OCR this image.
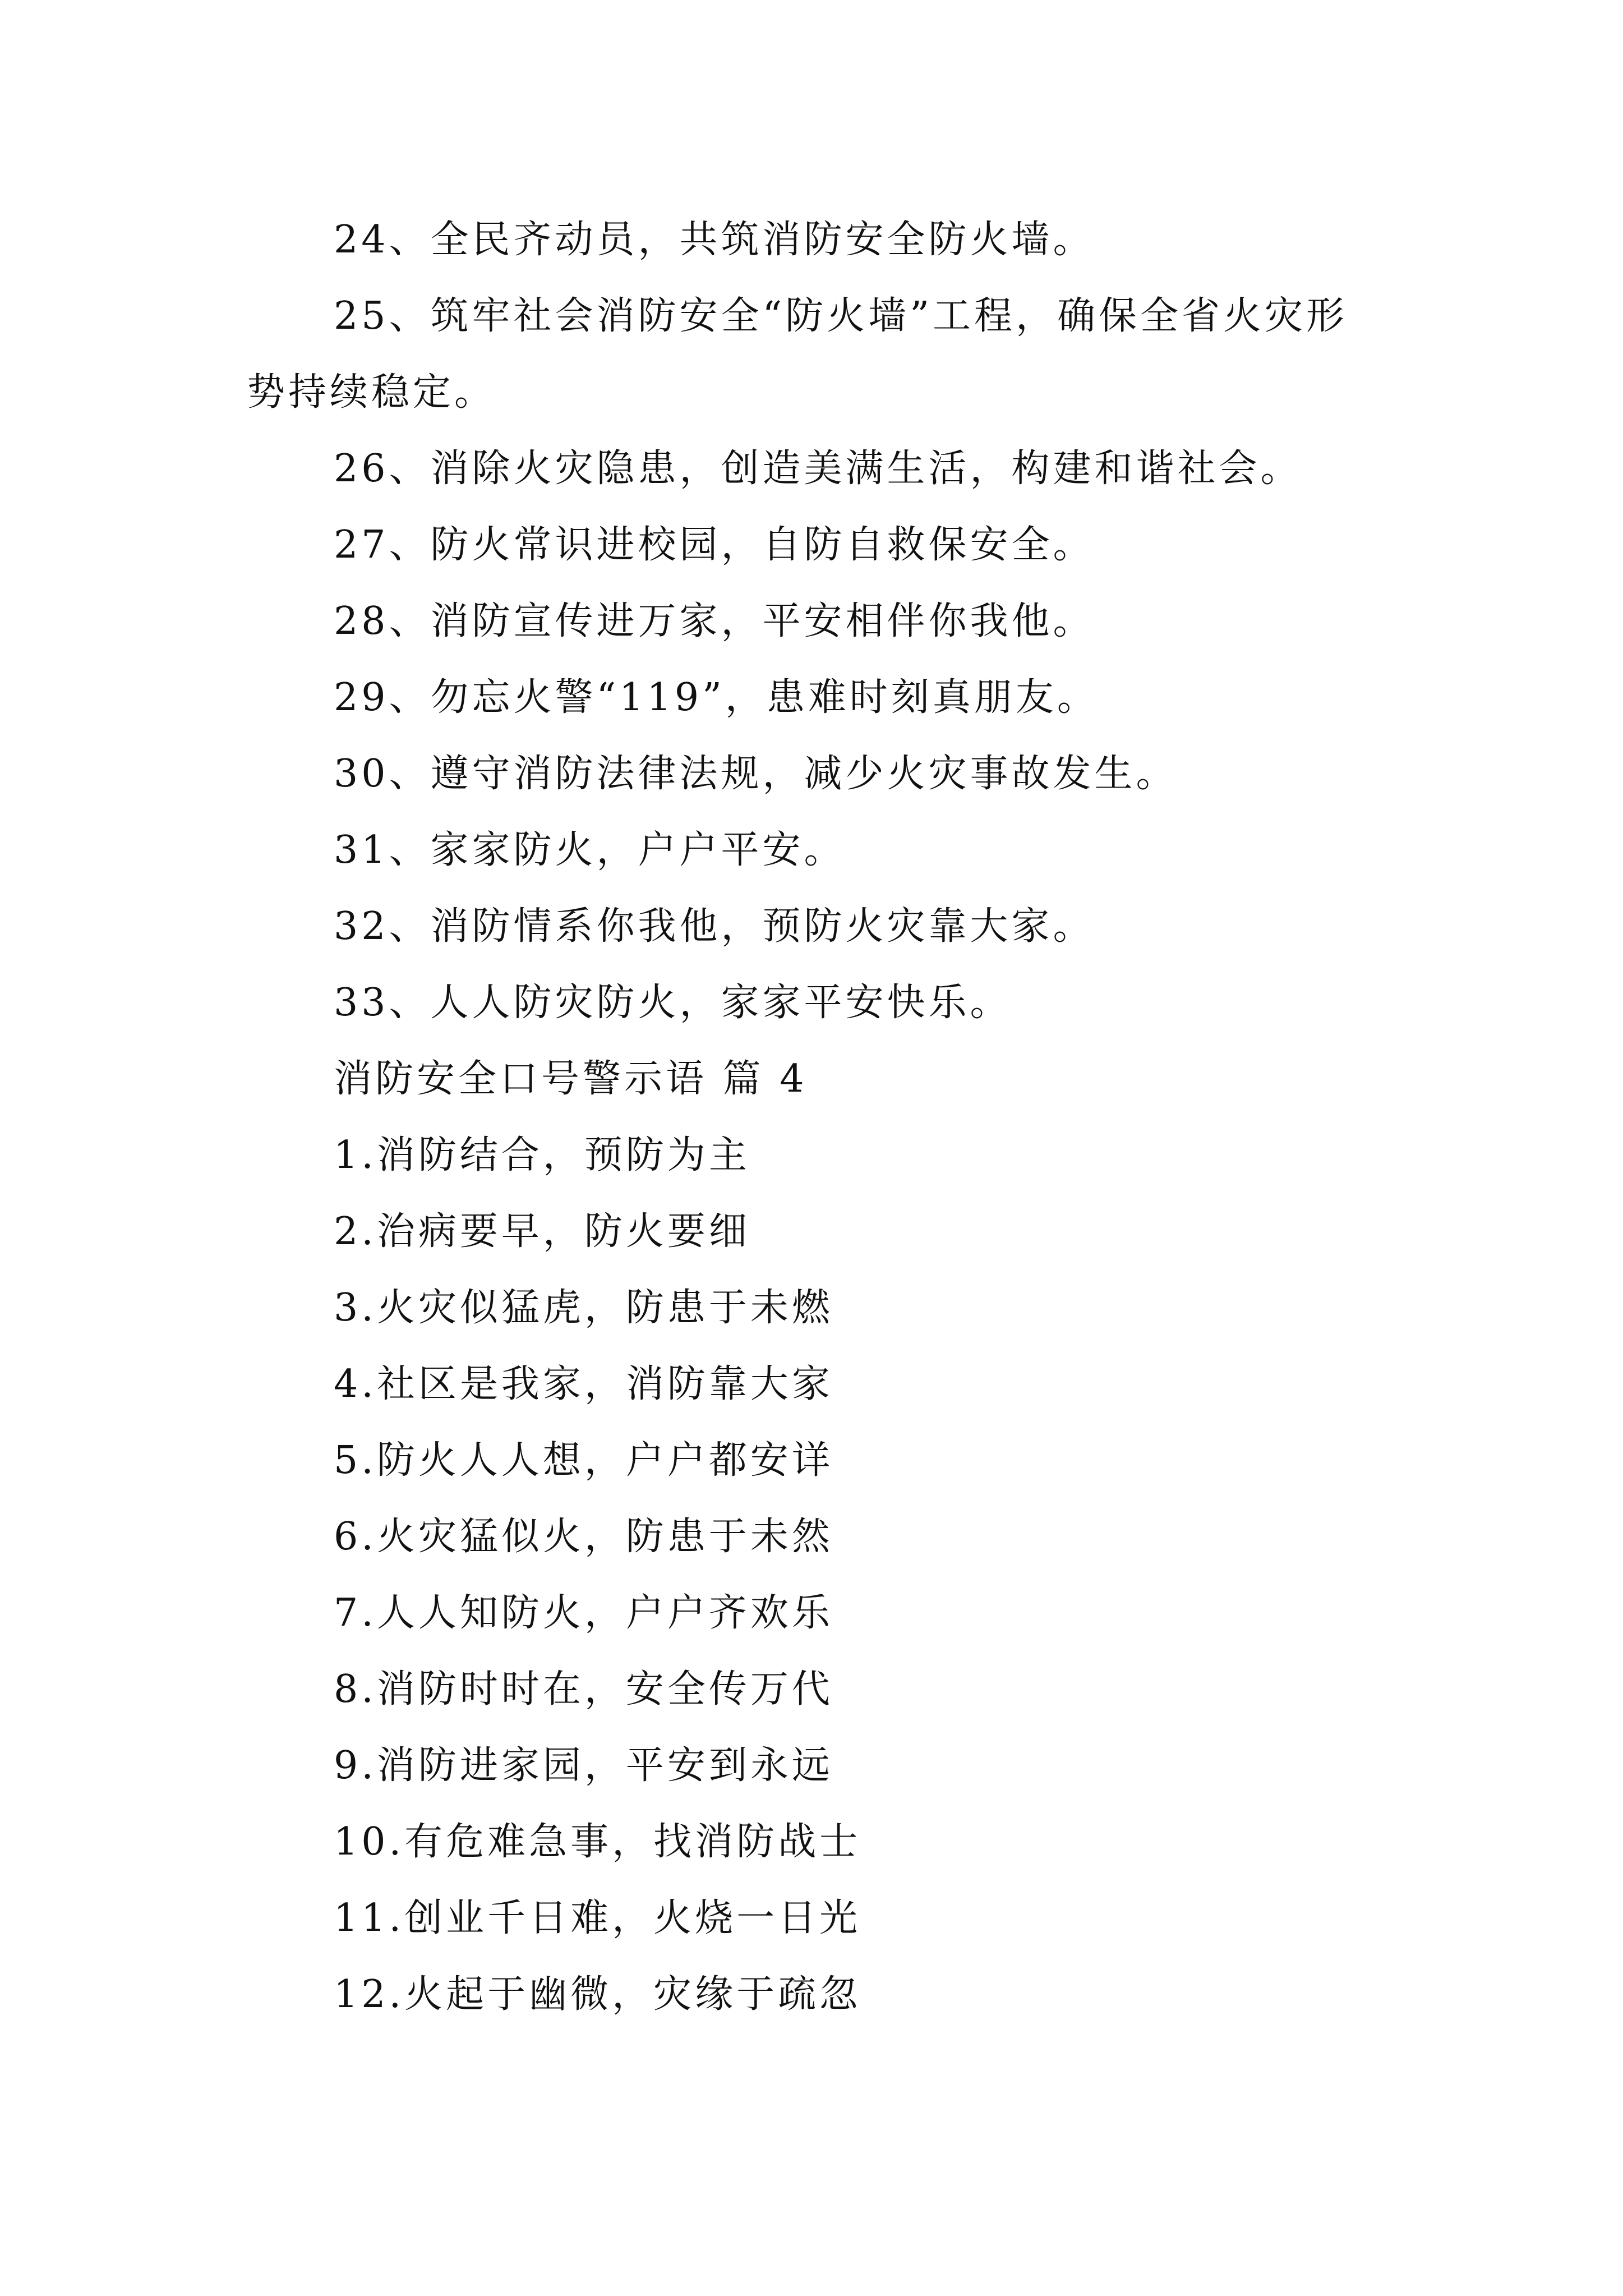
24、全民齐动员，共筑消防安全防火墙。

25、筑牢社会消防安全“防火墙”工程，确保全省火灾形势持续稳定。

26、消除火灾隐患，创造美满生活，构建和谐社会。

27、防火常识进校园，自防自救保安全。

28、消防宣传进万家，平安相伴你我他。

29、勿忘火警“119”，患难时刻真朋友。

30、遵守消防法律法规，减少火灾事故发生。

31、家家防火，户户平安。

32、消防情系你我他，预防火灾靠大家。

33、人人防灾防火，家家平安快乐。

消防安全口号警示语 篇 4

1.消防结合，预防为主

2.治病要早，防火要细

3.火灾似猛虎，防患于未燃

4.社区是我家，消防靠大家

5.防火人人想，户户都安详

6.火灾猛似火，防患于未然

7.人人知防火，户户齐欢乐

8.消防时时在，安全传万代

9.消防进家园，平安到永远

10.有危难急事，找消防战士

11.创业千日难，火烧一日光

12.火起于幽微，灾缘于疏忽
